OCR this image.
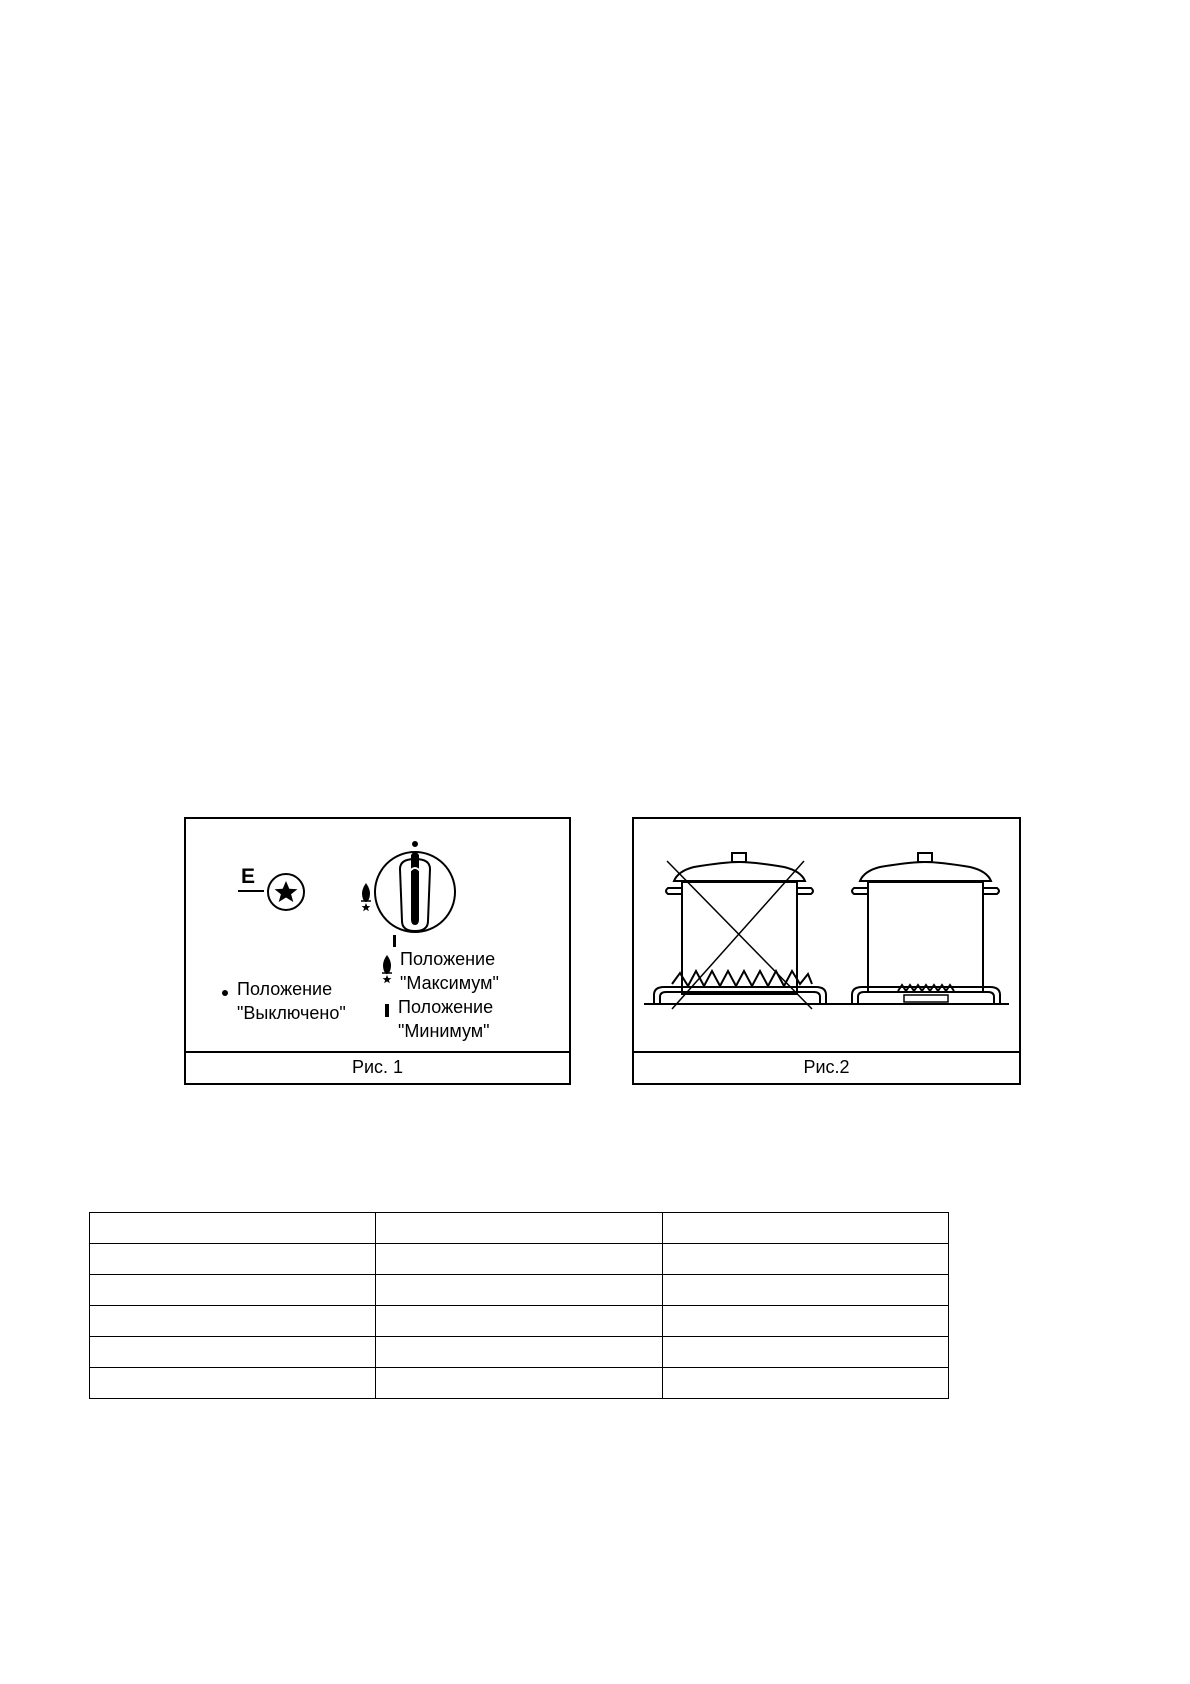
E
Положение
"Максимум"
Положение
"Выключено"	Положение
"Минимум"
Рис. 1	Рис.2
